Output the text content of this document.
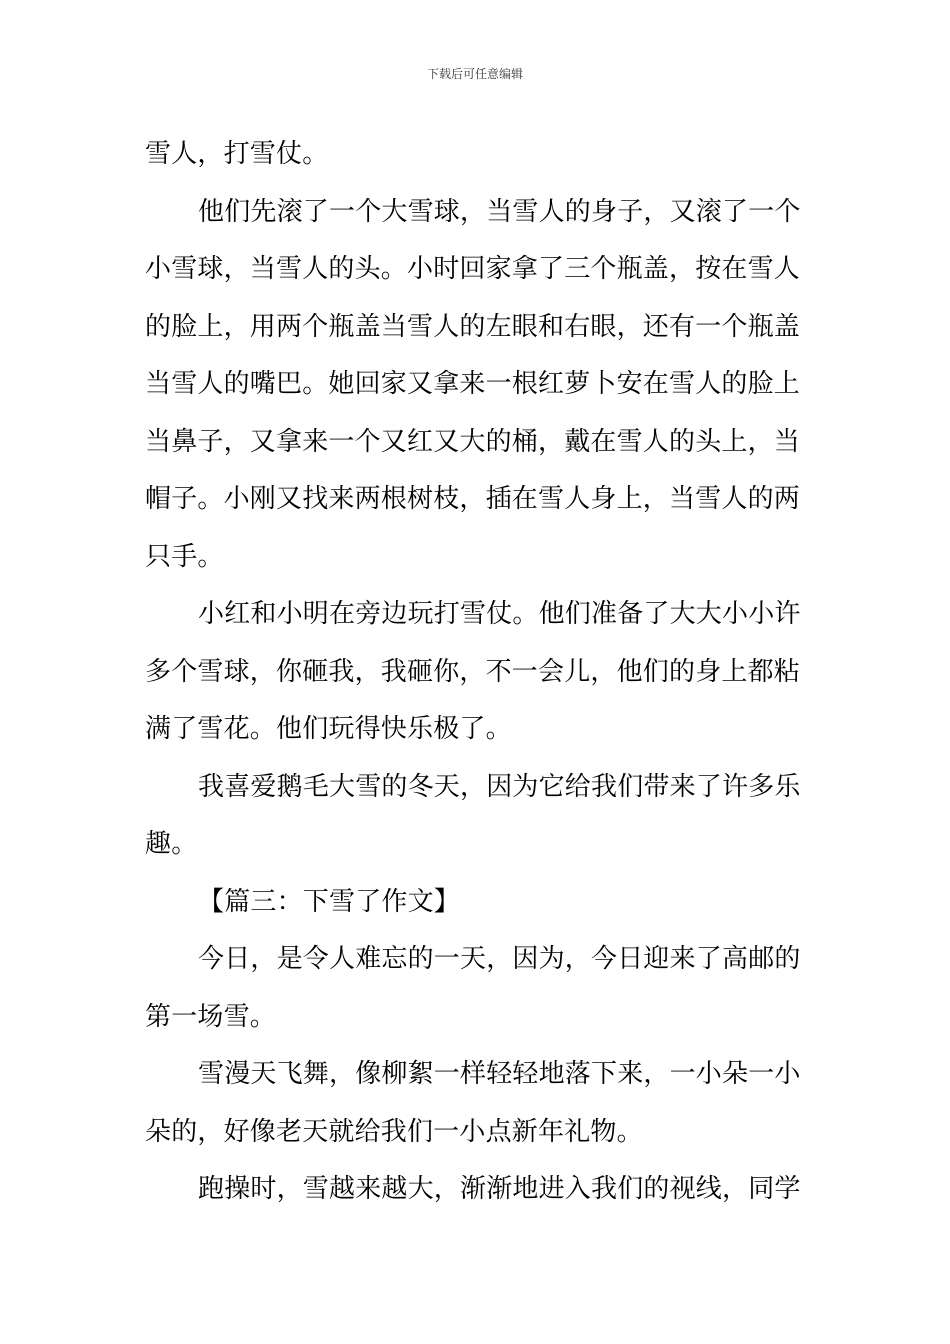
下载后可任意编辑
雪人，打雪仗。
他们先滚了一个大雪球，当雪人的身子，又滚了一个
小雪球，当雪人的头。小时回家拿了三个瓶盖，按在雪人
的脸上，用两个瓶盖当雪人的左眼和右眼，还有一个瓶盖
当雪人的嘴巴。她回家又拿来一根红萝卜安在雪人的脸上
当鼻子，又拿来一个又红又大的桶，戴在雪人的头上，当
帽子。小刚又找来两根树枝，插在雪人身上，当雪人的两
只手。
小红和小明在旁边玩打雪仗。他们准备了大大小小许
多个雪球，你砸我，我砸你，不一会儿，他们的身上都粘
满了雪花。他们玩得快乐极了。
我喜爱鹅毛大雪的冬天，因为它给我们带来了许多乐
趣。
【篇三：下雪了作文】
今日，是令人难忘的一天，因为，今日迎来了高邮的
第一场雪。
雪漫天飞舞，像柳絮一样轻轻地落下来，一小朵一小
朵的，好像老天就给我们一小点新年礼物。
跑操时，雪越来越大，渐渐地进入我们的视线，同学
